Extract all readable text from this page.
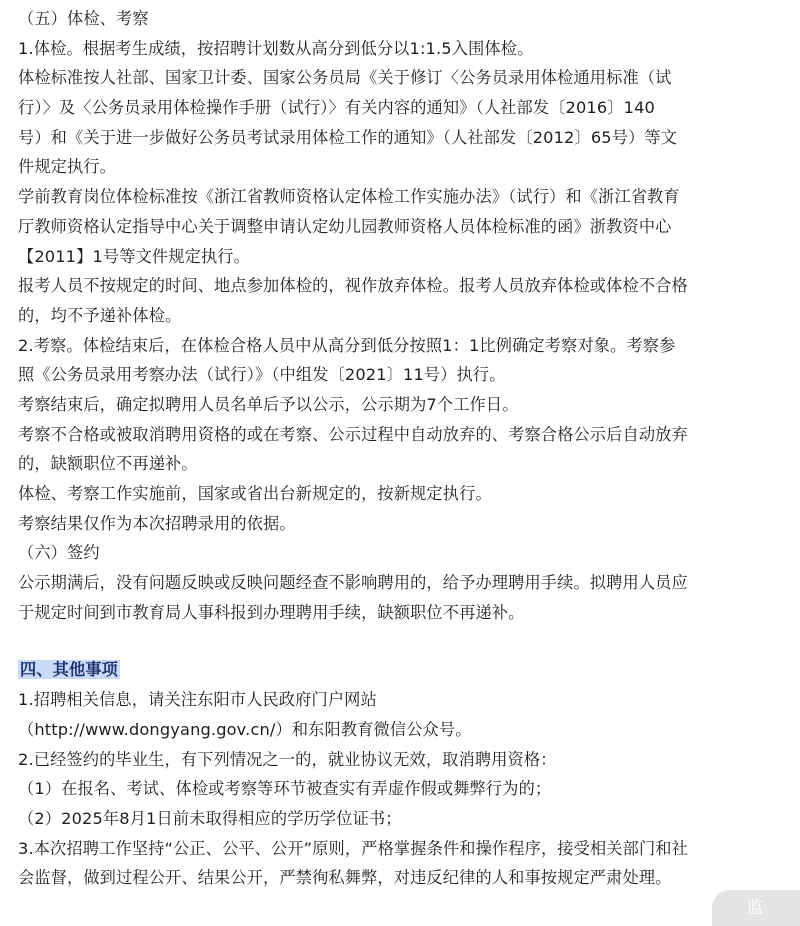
（五）体检、考察
1.体检。根据考生成绩，按招聘计划数从高分到低分以1:1.5入围体检。
体检标准按人社部、国家卫计委、国家公务员局《关于修订〈公务员录用体检通用标准（试
行）〉及〈公务员录用体检操作手册（试行）〉有关内容的通知》（人社部发〔2016〕140
号）和《关于进一步做好公务员考试录用体检工作的通知》（人社部发〔2012〕65号）等文
件规定执行。
学前教育岗位体检标准按《浙江省教师资格认定体检工作实施办法》（试行）和《浙江省教育
厅教师资格认定指导中心关于调整申请认定幼儿园教师资格人员体检标准的函》浙教资中心
【2011】1号等文件规定执行。
报考人员不按规定的时间、地点参加体检的，视作放弃体检。报考人员放弃体检或体检不合格
的，均不予递补体检。
2.考察。体检结束后，在体检合格人员中从高分到低分按照1：1比例确定考察对象。考察参
照《公务员录用考察办法（试行）》（中组发〔2021〕11号）执行。
考察结束后，确定拟聘用人员名单后予以公示，公示期为7个工作日。
考察不合格或被取消聘用资格的或在考察、公示过程中自动放弃的、考察合格公示后自动放弃
的，缺额职位不再递补。
体检、考察工作实施前，国家或省出台新规定的，按新规定执行。
考察结果仅作为本次招聘录用的依据。
（六）签约
公示期满后，没有问题反映或反映问题经查不影响聘用的，给予办理聘用手续。拟聘用人员应
于规定时间到市教育局人事科报到办理聘用手续，缺额职位不再递补。
四、其他事项
1.招聘相关信息，请关注东阳市人民政府门户网站
（http://www.dongyang.gov.cn/）和东阳教育微信公众号。
2.已经签约的毕业生，有下列情况之一的，就业协议无效，取消聘用资格：
（1）在报名、考试、体检或考察等环节被查实有弄虚作假或舞弊行为的；
（2）2025年8月1日前未取得相应的学历学位证书；
3.本次招聘工作坚持“公正、公平、公开”原则，严格掌握条件和操作程序，接受相关部门和社
会监督，做到过程公开、结果公开，严禁徇私舞弊，对违反纪律的人和事按规定严肃处理。
监
